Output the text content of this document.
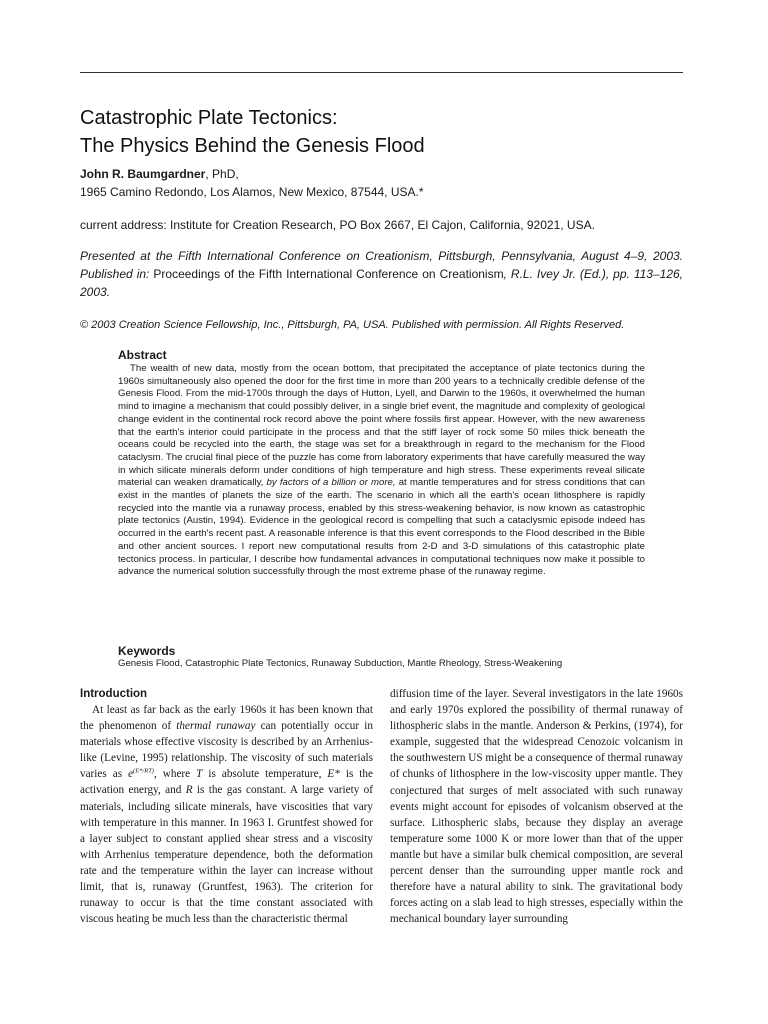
Catastrophic Plate Tectonics:
The Physics Behind the Genesis Flood
John R. Baumgardner, PhD,
1965 Camino Redondo, Los Alamos, New Mexico, 87544, USA.*
current address: Institute for Creation Research, PO Box 2667, El Cajon, California, 92021, USA.
Presented at the Fifth International Conference on Creationism, Pittsburgh, Pennsylvania, August 4–9, 2003. Published in: Proceedings of the Fifth International Conference on Creationism, R.L. Ivey Jr. (Ed.), pp. 113–126, 2003.
© 2003 Creation Science Fellowship, Inc., Pittsburgh, PA, USA. Published with permission. All Rights Reserved.
Abstract

The wealth of new data, mostly from the ocean bottom, that precipitated the acceptance of plate tectonics during the 1960s simultaneously also opened the door for the first time in more than 200 years to a technically credible defense of the Genesis Flood. From the mid-1700s through the days of Hutton, Lyell, and Darwin to the 1960s, it overwhelmed the human mind to imagine a mechanism that could possibly deliver, in a single brief event, the magnitude and complexity of geological change evident in the continental rock record above the point where fossils first appear. However, with the new awareness that the earth's interior could participate in the process and that the stiff layer of rock some 50 miles thick beneath the oceans could be recycled into the earth, the stage was set for a breakthrough in regard to the mechanism for the Flood cataclysm. The crucial final piece of the puzzle has come from laboratory experiments that have carefully measured the way in which silicate minerals deform under conditions of high temperature and high stress. These experiments reveal silicate material can weaken dramatically, by factors of a billion or more, at mantle temperatures and for stress conditions that can exist in the mantles of planets the size of the earth. The scenario in which all the earth's ocean lithosphere is rapidly recycled into the mantle via a runaway process, enabled by this stress-weakening behavior, is now known as catastrophic plate tectonics (Austin, 1994). Evidence in the geological record is compelling that such a cataclysmic episode indeed has occurred in the earth's recent past. A reasonable inference is that this event corresponds to the Flood described in the Bible and other ancient sources. I report new computational results from 2-D and 3-D simulations of this catastrophic plate tectonics process. In particular, I describe how fundamental advances in computational techniques now make it possible to advance the numerical solution successfully through the most extreme phase of the runaway regime.

Keywords

Genesis Flood, Catastrophic Plate Tectonics, Runaway Subduction, Mantle Rheology, Stress-Weakening

Introduction

At least as far back as the early 1960s it has been known that the phenomenon of thermal runaway can potentially occur in materials whose effective viscosity is described by an Arrhenius-like (Levine, 1995) relationship. The viscosity of such materials varies as $e^{(E*/RT)}$, where T is absolute temperature, E* is the activation energy, and R is the gas constant. A large variety of materials, including silicate minerals, have viscosities that vary with temperature in this manner. In 1963 I. Gruntfest showed for a layer subject to constant applied shear stress and a viscosity with Arrhenius temperature dependence, both the deformation rate and the temperature within the layer can increase without limit, that is, runaway (Gruntfest, 1963). The criterion for runaway to occur is that the time constant associated with viscous heating be much less than the characteristic thermal

diffusion time of the layer. Several investigators in the late 1960s and early 1970s explored the possibility of thermal runaway of lithospheric slabs in the mantle. Anderson & Perkins, (1974), for example, suggested that the widespread Cenozoic volcanism in the southwestern US might be a consequence of thermal runaway of chunks of lithosphere in the low-viscosity upper mantle. They conjectured that surges of melt associated with such runaway events might account for episodes of volcanism observed at the surface. Lithospheric slabs, because they display an average temperature some 1000 K or more lower than that of the upper mantle but have a similar bulk chemical composition, are several percent denser than the surrounding upper mantle rock and therefore have a natural ability to sink. The gravitational body forces acting on a slab lead to high stresses, especially within the mechanical boundary layer surrounding
